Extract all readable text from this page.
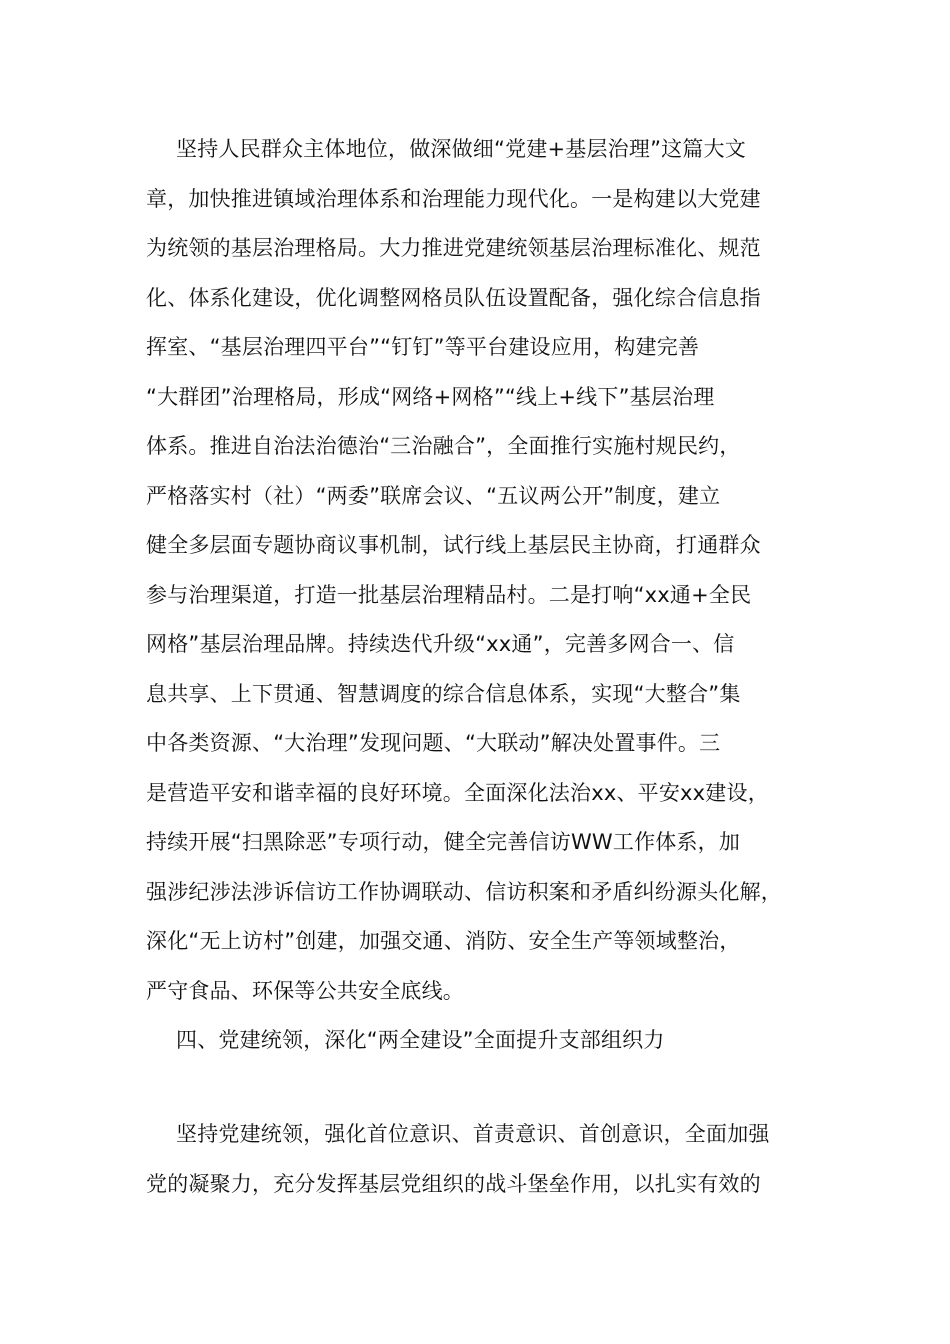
坚持人民群众主体地位，做深做细“党建+基层治理”这篇大文
章，加快推进镇域治理体系和治理能力现代化。一是构建以大党建
为统领的基层治理格局。大力推进党建统领基层治理标准化、规范
化、体系化建设，优化调整网格员队伍设置配备，强化综合信息指
挥室、“基层治理四平台”“钉钉”等平台建设应用，构建完善
“大群团”治理格局，形成“网络+网格”“线上+线下”基层治理
体系。推进自治法治德治“三治融合”，全面推行实施村规民约，
严格落实村（社）“两委”联席会议、“五议两公开”制度，建立
健全多层面专题协商议事机制，试行线上基层民主协商，打通群众
参与治理渠道，打造一批基层治理精品村。二是打响“xx通+全民
网格”基层治理品牌。持续迭代升级“xx通”，完善多网合一、信
息共享、上下贯通、智慧调度的综合信息体系，实现“大整合”集
中各类资源、“大治理”发现问题、“大联动”解决处置事件。三
是营造平安和谐幸福的良好环境。全面深化法治xx、平安xx建设，
持续开展“扫黑除恶”专项行动，健全完善信访WW工作体系，加
强涉纪涉法涉诉信访工作协调联动、信访积案和矛盾纠纷源头化解，
深化“无上访村”创建，加强交通、消防、安全生产等领域整治，
严守食品、环保等公共安全底线。
四、党建统领，深化“两全建设”全面提升支部组织力
坚持党建统领，强化首位意识、首责意识、首创意识，全面加强
党的凝聚力，充分发挥基层党组织的战斗堡垒作用，以扎实有效的
